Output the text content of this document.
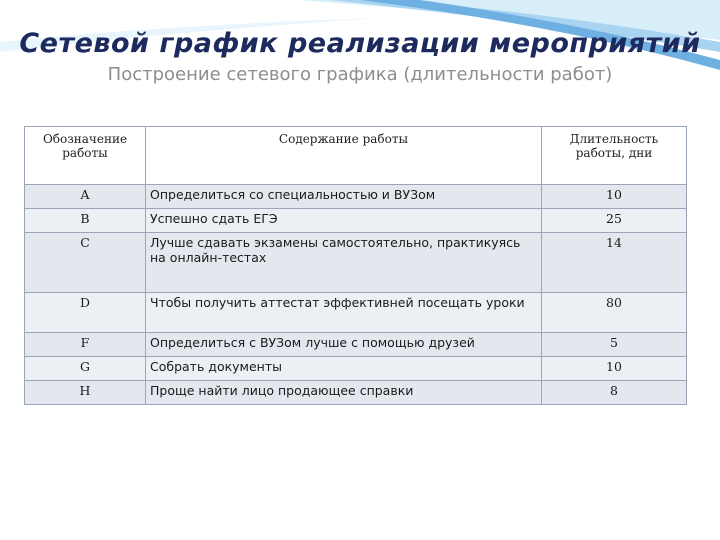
Сетевой график реализации мероприятий
Построение сетевого графика (длительности работ)
Обозначение работы	Содержание работы	Длительность работы, дни
А	Определиться со специальностью и ВУЗом	10
В	Успешно сдать ЕГЭ	25
С	Лучше сдавать экзамены самостоятельно, практикуясь на онлайн-тестах	14
D	Чтобы получить аттестат эффективней посещать уроки	80
F	Определиться с ВУЗом лучше с помощью друзей	5
G	Собрать документы	10
H	Проще найти лицо продающее справки	8
